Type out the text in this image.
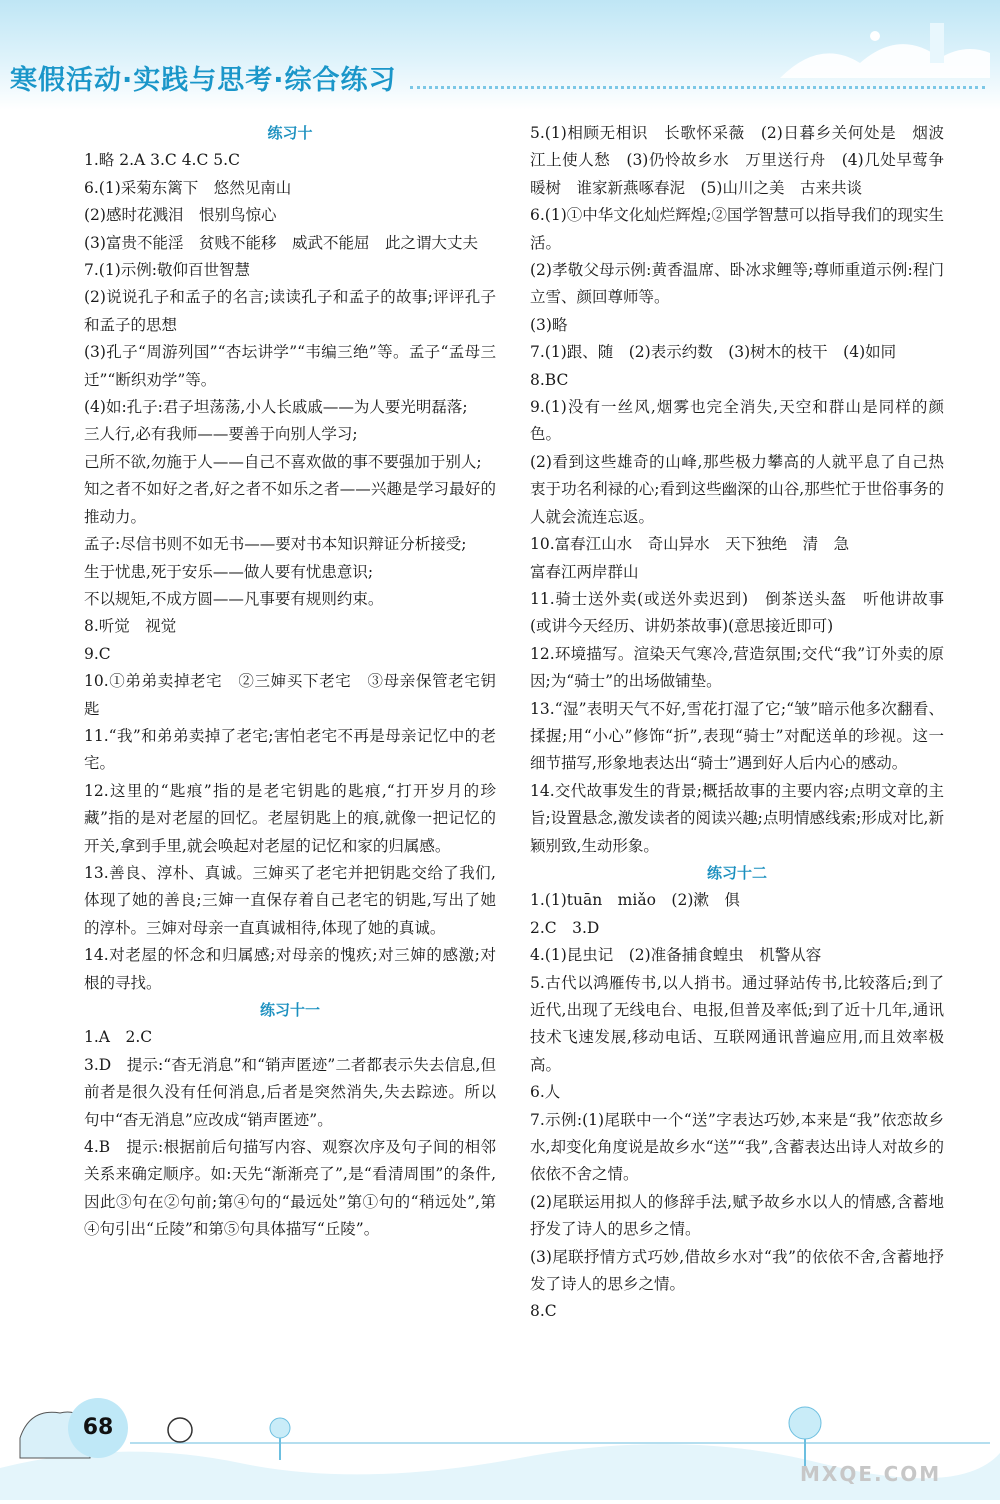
寒假活动·实践与思考·综合练习
练习十
1.略 2.A 3.C 4.C 5.C
6.(1)采菊东篱下　悠然见南山
(2)感时花溅泪　恨别鸟惊心
(3)富贵不能淫　贫贱不能移　威武不能屈　此之谓大丈夫
7.(1)示例:敬仰百世智慧
(2)说说孔子和孟子的名言;读读孔子和孟子的故事;评评孔子和孟子的思想
(3)孔子“周游列国”“杏坛讲学”“韦编三绝”等。孟子“孟母三迁”“断织劝学”等。
(4)如:孔子:君子坦荡荡,小人长戚戚——为人要光明磊落;
三人行,必有我师——要善于向别人学习;
己所不欲,勿施于人——自己不喜欢做的事不要强加于别人;
知之者不如好之者,好之者不如乐之者——兴趣是学习最好的推动力。
孟子:尽信书则不如无书——要对书本知识辩证分析接受;
生于忧患,死于安乐——做人要有忧患意识;
不以规矩,不成方圆——凡事要有规则约束。
8.听觉　视觉
9.C
10.①弟弟卖掉老宅　②三婶买下老宅　③母亲保管老宅钥匙
11.“我”和弟弟卖掉了老宅;害怕老宅不再是母亲记忆中的老宅。
12.这里的“匙痕”指的是老宅钥匙的匙痕,“打开岁月的珍藏”指的是对老屋的回忆。老屋钥匙上的痕,就像一把记忆的开关,拿到手里,就会唤起对老屋的记忆和家的归属感。
13.善良、淳朴、真诚。三婶买了老宅并把钥匙交给了我们,体现了她的善良;三婶一直保存着自己老宅的钥匙,写出了她的淳朴。三婶对母亲一直真诚相待,体现了她的真诚。
14.对老屋的怀念和归属感;对母亲的愧疚;对三婶的感激;对根的寻找。
练习十一
1.A　2.C
3.D　提示:“杳无消息”和“销声匿迹”二者都表示失去信息,但前者是很久没有任何消息,后者是突然消失,失去踪迹。所以句中“杳无消息”应改成“销声匿迹”。
4.B　提示:根据前后句描写内容、观察次序及句子间的相邻关系来确定顺序。如:天先“渐渐亮了”,是“看清周围”的条件,因此③句在②句前;第④句的“最远处”第①句的“稍远处”,第④句引出“丘陵”和第⑤句具体描写“丘陵”。
5.(1)相顾无相识　长歌怀采薇　(2)日暮乡关何处是　烟波江上使人愁　(3)仍怜故乡水　万里送行舟　(4)几处早莺争暖树　谁家新燕啄春泥　(5)山川之美　古来共谈
6.(1)①中华文化灿烂辉煌;②国学智慧可以指导我们的现实生活。
(2)孝敬父母示例:黄香温席、卧冰求鲤等;尊师重道示例:程门立雪、颜回尊师等。
(3)略
7.(1)跟、随　(2)表示约数　(3)树木的枝干　(4)如同
8.BC
9.(1)没有一丝风,烟雾也完全消失,天空和群山是同样的颜色。
(2)看到这些雄奇的山峰,那些极力攀高的人就平息了自己热衷于功名利禄的心;看到这些幽深的山谷,那些忙于世俗事务的人就会流连忘返。
10.富春江山水　奇山异水　天下独绝　清　急
富春江两岸群山
11.骑士送外卖(或送外卖迟到)　倒茶送头盔　听他讲故事(或讲今天经历、讲奶茶故事)(意思接近即可)
12.环境描写。渲染天气寒冷,营造氛围;交代“我”订外卖的原因;为“骑士”的出场做铺垫。
13.“湿”表明天气不好,雪花打湿了它;“皱”暗示他多次翻看、揉握;用“小心”修饰“折”,表现“骑士”对配送单的珍视。这一细节描写,形象地表达出“骑士”遇到好人后内心的感动。
14.交代故事发生的背景;概括故事的主要内容;点明文章的主旨;设置悬念,激发读者的阅读兴趣;点明情感线索;形成对比,新颖别致,生动形象。
练习十二
1.(1)tuān　miǎo　(2)漱　俱
2.C　3.D
4.(1)昆虫记　(2)准备捕食蝗虫　机警从容
5.古代以鸿雁传书,以人捎书。通过驿站传书,比较落后;到了近代,出现了无线电台、电报,但普及率低;到了近十几年,通讯技术飞速发展,移动电话、互联网通讯普遍应用,而且效率极高。
6.人
7.示例:(1)尾联中一个“送”字表达巧妙,本来是“我”依恋故乡水,却变化角度说是故乡水“送”“我”,含蓄表达出诗人对故乡的依依不舍之情。
(2)尾联运用拟人的修辞手法,赋予故乡水以人的情感,含蓄地抒发了诗人的思乡之情。
(3)尾联抒情方式巧妙,借故乡水对“我”的依依不舍,含蓄地抒发了诗人的思乡之情。
8.C
68
MXQE.COM
